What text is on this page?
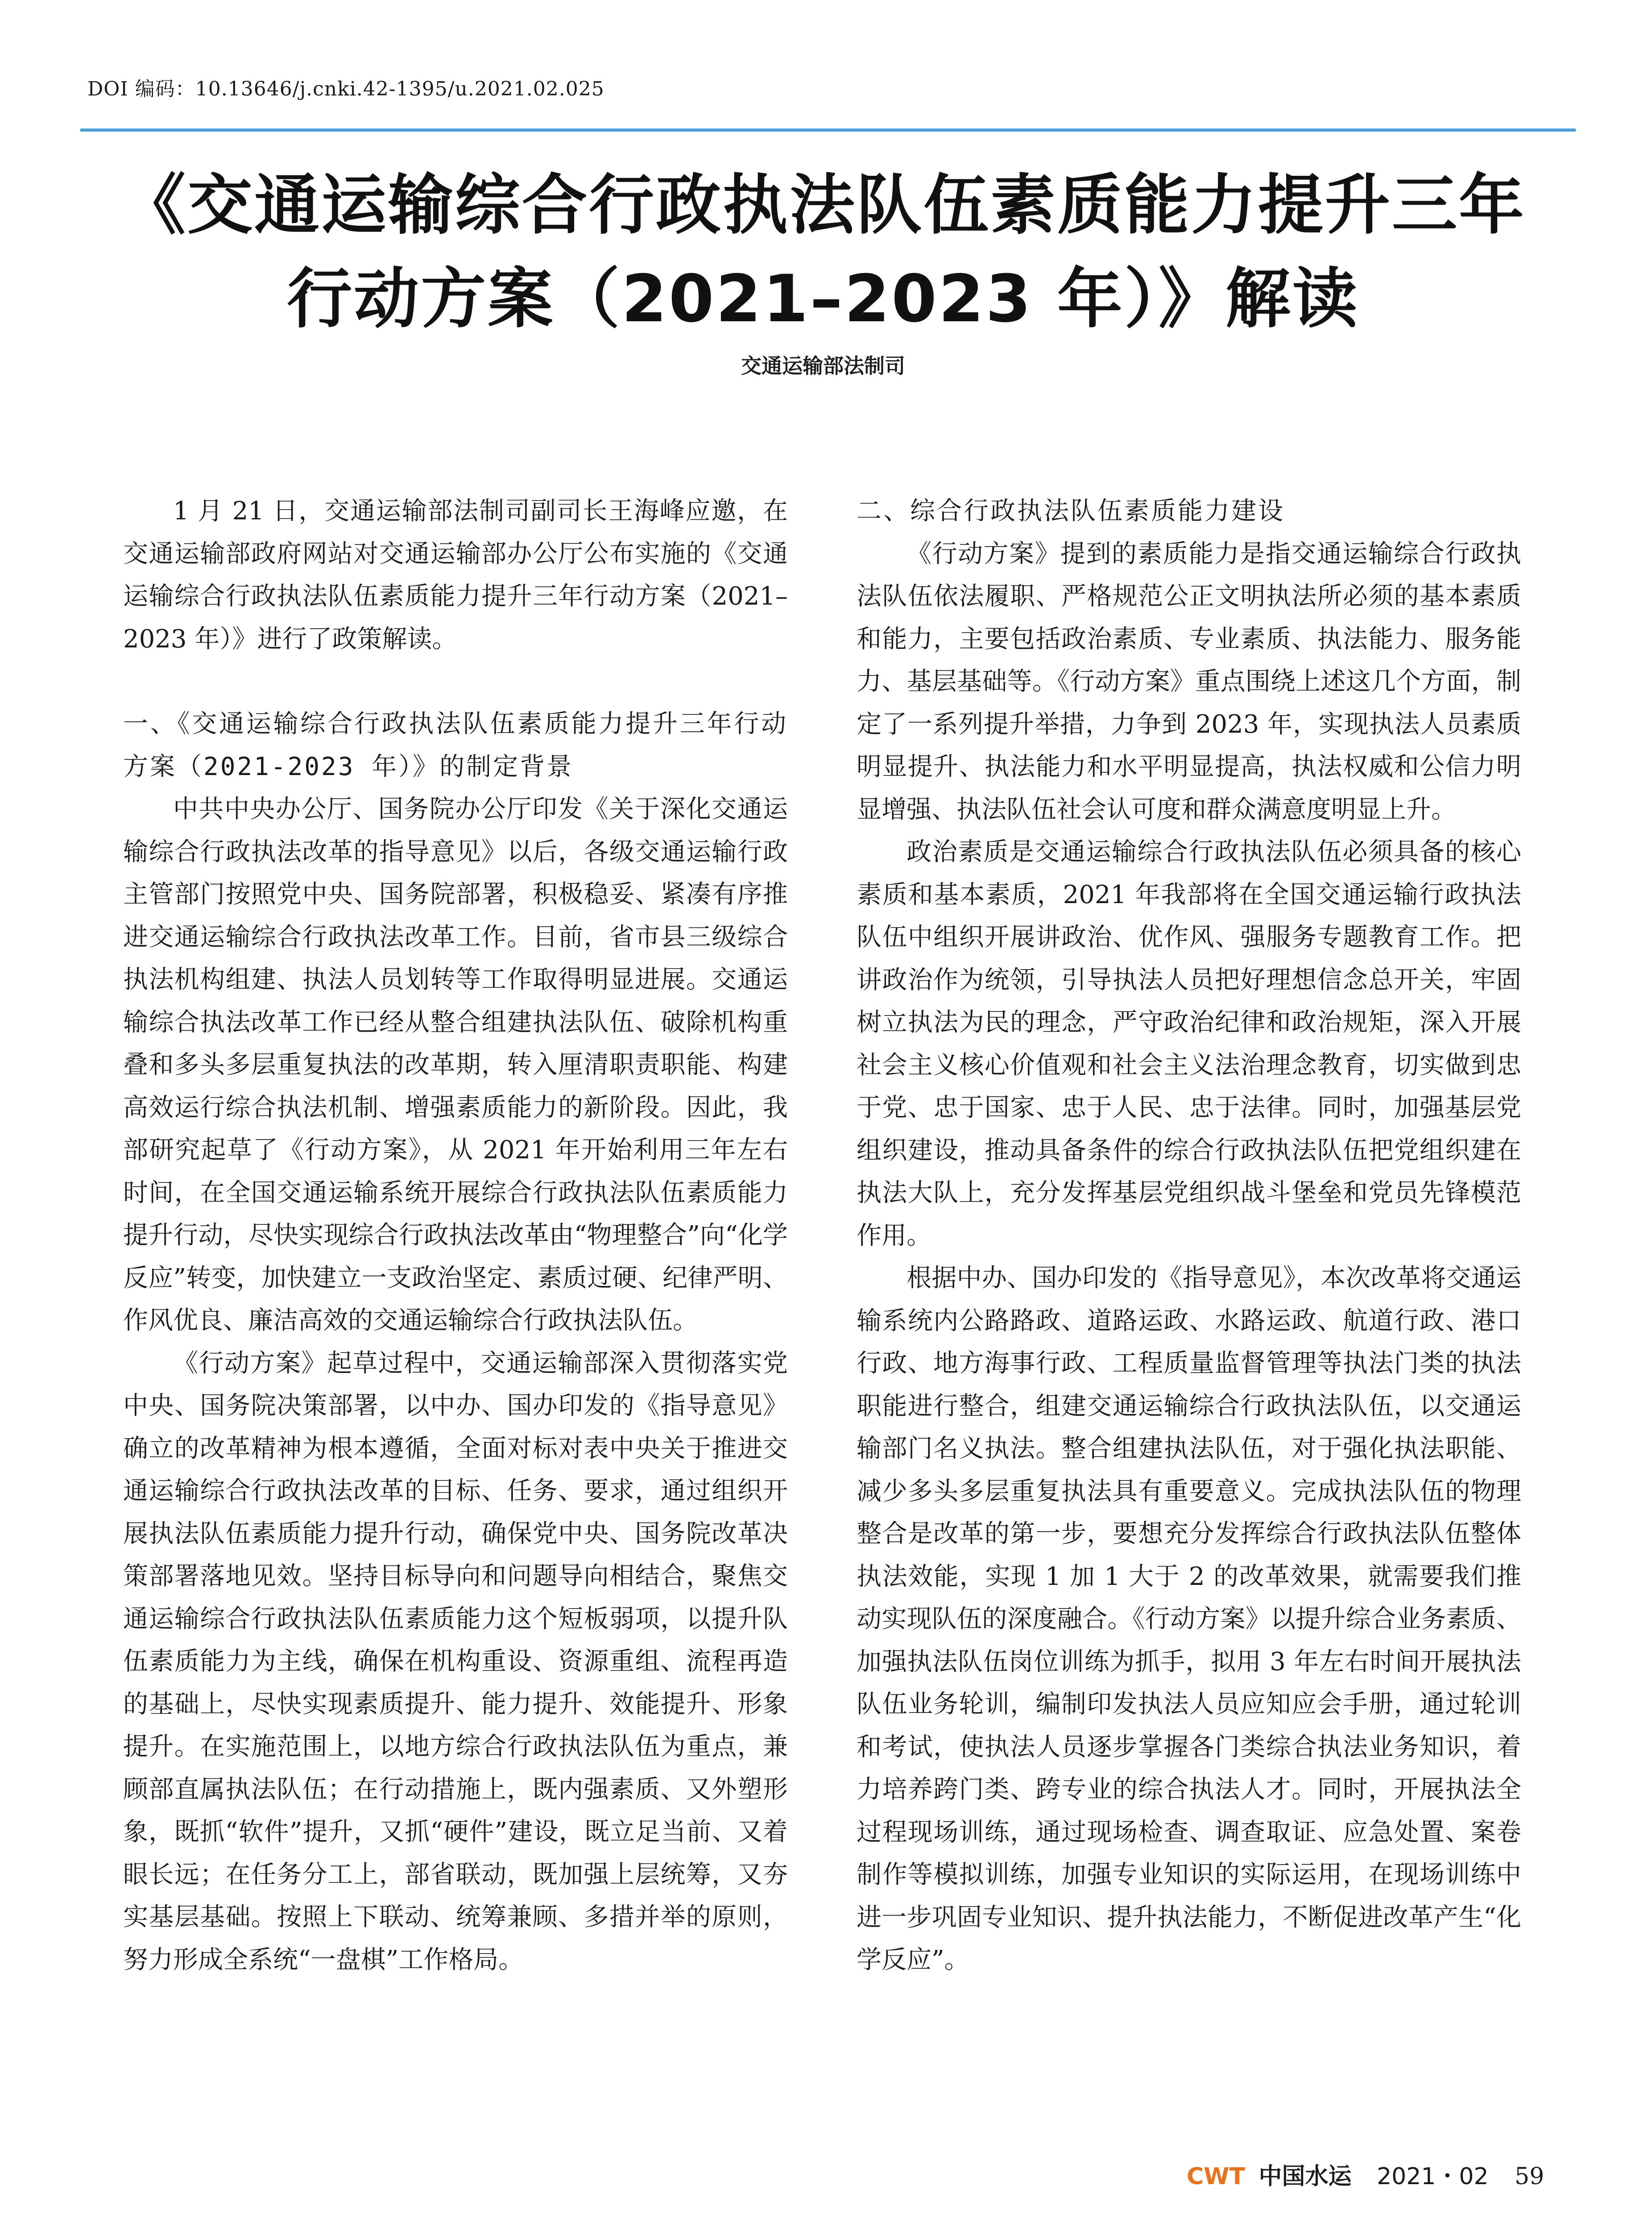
DOI 编码：10.13646/j.cnki.42-1395/u.2021.02.025
《交通运输综合行政执法队伍素质能力提升三年
行动方案（2021–2023 年）》解读
交通运输部法制司

1 月 21 日，交通运输部法制司副司长王海峰应邀，在交通运输部政府网站对交通运输部办公厅公布实施的《交通运输综合行政执法队伍素质能力提升三年行动方案（2021–2023 年）》进行了政策解读。

一、《交通运输综合行政执法队伍素质能力提升三年行动方案（2021-2023 年）》的制定背景

中共中央办公厅、国务院办公厅印发《关于深化交通运输综合行政执法改革的指导意见》以后，各级交通运输行政主管部门按照党中央、国务院部署，积极稳妥、紧凑有序推进交通运输综合行政执法改革工作。目前，省市县三级综合执法机构组建、执法人员划转等工作取得明显进展。交通运输综合执法改革工作已经从整合组建执法队伍、破除机构重叠和多头多层重复执法的改革期，转入厘清职责职能、构建高效运行综合执法机制、增强素质能力的新阶段。因此，我部研究起草了《行动方案》，从 2021 年开始利用三年左右时间，在全国交通运输系统开展综合行政执法队伍素质能力提升行动，尽快实现综合行政执法改革由“物理整合”向“化学反应”转变，加快建立一支政治坚定、素质过硬、纪律严明、作风优良、廉洁高效的交通运输综合行政执法队伍。

《行动方案》起草过程中，交通运输部深入贯彻落实党中央、国务院决策部署，以中办、国办印发的《指导意见》确立的改革精神为根本遵循，全面对标对表中央关于推进交通运输综合行政执法改革的目标、任务、要求，通过组织开展执法队伍素质能力提升行动，确保党中央、国务院改革决策部署落地见效。坚持目标导向和问题导向相结合，聚焦交通运输综合行政执法队伍素质能力这个短板弱项，以提升队伍素质能力为主线，确保在机构重设、资源重组、流程再造的基础上，尽快实现素质提升、能力提升、效能提升、形象提升。在实施范围上，以地方综合行政执法队伍为重点，兼顾部直属执法队伍；在行动措施上，既内强素质、又外塑形象，既抓“软件”提升，又抓“硬件”建设，既立足当前、又着眼长远；在任务分工上，部省联动，既加强上层统筹，又夯实基层基础。按照上下联动、统筹兼顾、多措并举的原则，努力形成全系统“一盘棋”工作格局。

二、综合行政执法队伍素质能力建设

《行动方案》提到的素质能力是指交通运输综合行政执法队伍依法履职、严格规范公正文明执法所必须的基本素质和能力，主要包括政治素质、专业素质、执法能力、服务能力、基层基础等。《行动方案》重点围绕上述这几个方面，制定了一系列提升举措，力争到 2023 年，实现执法人员素质明显提升、执法能力和水平明显提高，执法权威和公信力明显增强、执法队伍社会认可度和群众满意度明显上升。

政治素质是交通运输综合行政执法队伍必须具备的核心素质和基本素质，2021 年我部将在全国交通运输行政执法队伍中组织开展讲政治、优作风、强服务专题教育工作。把讲政治作为统领，引导执法人员把好理想信念总开关，牢固树立执法为民的理念，严守政治纪律和政治规矩，深入开展社会主义核心价值观和社会主义法治理念教育，切实做到忠于党、忠于国家、忠于人民、忠于法律。同时，加强基层党组织建设，推动具备条件的综合行政执法队伍把党组织建在执法大队上，充分发挥基层党组织战斗堡垒和党员先锋模范作用。

根据中办、国办印发的《指导意见》，本次改革将交通运输系统内公路路政、道路运政、水路运政、航道行政、港口行政、地方海事行政、工程质量监督管理等执法门类的执法职能进行整合，组建交通运输综合行政执法队伍，以交通运输部门名义执法。整合组建执法队伍，对于强化执法职能、减少多头多层重复执法具有重要意义。完成执法队伍的物理整合是改革的第一步，要想充分发挥综合行政执法队伍整体执法效能，实现 1 加 1 大于 2 的改革效果，就需要我们推动实现队伍的深度融合。《行动方案》以提升综合业务素质、加强执法队伍岗位训练为抓手，拟用 3 年左右时间开展执法队伍业务轮训，编制印发执法人员应知应会手册，通过轮训和考试，使执法人员逐步掌握各门类综合执法业务知识，着力培养跨门类、跨专业的综合执法人才。同时，开展执法全过程现场训练，通过现场检查、调查取证、应急处置、案卷制作等模拟训练，加强专业知识的实际运用，在现场训练中进一步巩固专业知识、提升执法能力，不断促进改革产生“化学反应”。

CWT 中国水运 2021・02 59
